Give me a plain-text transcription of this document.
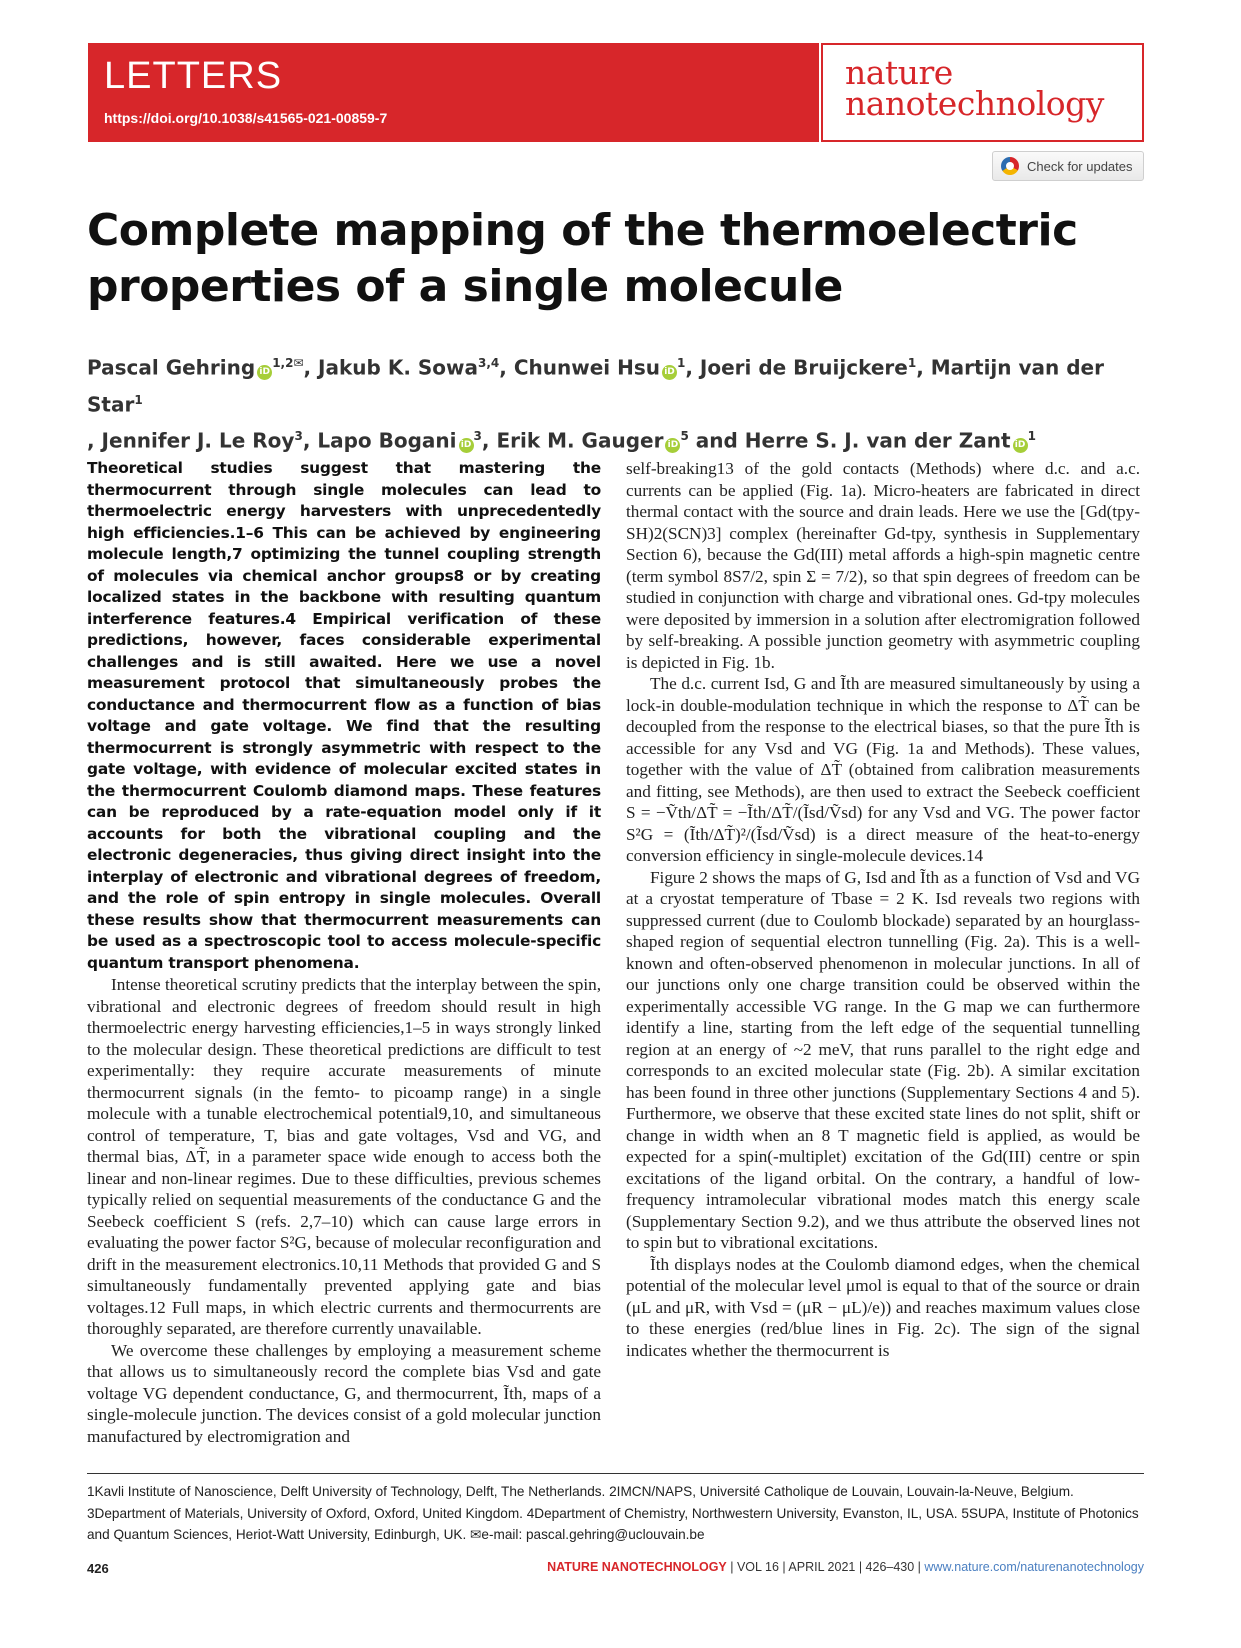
LETTERS
https://doi.org/10.1038/s41565-021-00859-7
nature
nanotechnology
Check for updates
Complete mapping of the thermoelectric properties of a single molecule
Pascal Gehring $iD^{1,2✉}$, Jakub K. Sowa$^{3,4}$, Chunwei Hsu $iD^1$, Joeri de Bruijckere$^1$, Martijn van der Star$^1$
, Jennifer J. Le Roy$^3$, Lapo Bogani $iD^3$, Erik M. Gauger $iD^5$ and Herre S. J. van der Zant $iD^1$

Theoretical studies suggest that mastering the thermocurrent through single molecules can lead to thermoelectric energy harvesters with unprecedentedly high efficiencies.1–6 This can be achieved by engineering molecule length,7 optimizing the tunnel coupling strength of molecules via chemical anchor groups8 or by creating localized states in the backbone with resulting quantum interference features.4 Empirical verification of these predictions, however, faces considerable experimental challenges and is still awaited. Here we use a novel measurement protocol that simultaneously probes the conductance and thermocurrent flow as a function of bias voltage and gate voltage. We find that the resulting thermocurrent is strongly asymmetric with respect to the gate voltage, with evidence of molecular excited states in the thermocurrent Coulomb diamond maps. These features can be reproduced by a rate-equation model only if it accounts for both the vibrational coupling and the electronic degeneracies, thus giving direct insight into the interplay of electronic and vibrational degrees of freedom, and the role of spin entropy in single molecules. Overall these results show that thermocurrent measurements can be used as a spectroscopic tool to access molecule-specific quantum transport phenomena.

Intense theoretical scrutiny predicts that the interplay between the spin, vibrational and electronic degrees of freedom should result in high thermoelectric energy harvesting efficiencies,1–5 in ways strongly linked to the molecular design. These theoretical predictions are difficult to test experimentally: they require accurate measurements of minute thermocurrent signals (in the femto- to picoamp range) in a single molecule with a tunable electrochemical potential9,10, and simultaneous control of temperature, T, bias and gate voltages, Vsd and VG, and thermal bias, ΔT̃, in a parameter space wide enough to access both the linear and non-linear regimes. Due to these difficulties, previous schemes typically relied on sequential measurements of the conductance G and the Seebeck coefficient S (refs. 2,7–10) which can cause large errors in evaluating the power factor S²G, because of molecular reconfiguration and drift in the measurement electronics.10,11 Methods that provided G and S simultaneously fundamentally prevented applying gate and bias voltages.12 Full maps, in which electric currents and thermocurrents are thoroughly separated, are therefore currently unavailable.

We overcome these challenges by employing a measurement scheme that allows us to simultaneously record the complete bias Vsd and gate voltage VG dependent conductance, G, and thermocurrent, Ĩth, maps of a single-molecule junction. The devices consist of a gold molecular junction manufactured by electromigration and

self-breaking13 of the gold contacts (Methods) where d.c. and a.c. currents can be applied (Fig. 1a). Micro-heaters are fabricated in direct thermal contact with the source and drain leads. Here we use the [Gd(tpy-SH)2(SCN)3] complex (hereinafter Gd-tpy, synthesis in Supplementary Section 6), because the Gd(III) metal affords a high-spin magnetic centre (term symbol 8S7/2, spin Σ = 7/2), so that spin degrees of freedom can be studied in conjunction with charge and vibrational ones. Gd-tpy molecules were deposited by immersion in a solution after electromigration followed by self-breaking. A possible junction geometry with asymmetric coupling is depicted in Fig. 1b.

The d.c. current Isd, G and Ĩth are measured simultaneously by using a lock-in double-modulation technique in which the response to ΔT̃ can be decoupled from the response to the electrical biases, so that the pure Ĩth is accessible for any Vsd and VG (Fig. 1a and Methods). These values, together with the value of ΔT̃ (obtained from calibration measurements and fitting, see Methods), are then used to extract the Seebeck coefficient S = −Ṽth/ΔT̃ = −Ĩth/ΔT̃/(Ĩsd/Ṽsd) for any Vsd and VG. The power factor S²G = (Ĩth/ΔT̃)²/(Ĩsd/Ṽsd) is a direct measure of the heat-to-energy conversion efficiency in single-molecule devices.14

Figure 2 shows the maps of G, Isd and Ĩth as a function of Vsd and VG at a cryostat temperature of Tbase = 2 K. Isd reveals two regions with suppressed current (due to Coulomb blockade) separated by an hourglass-shaped region of sequential electron tunnelling (Fig. 2a). This is a well-known and often-observed phenomenon in molecular junctions. In all of our junctions only one charge transition could be observed within the experimentally accessible VG range. In the G map we can furthermore identify a line, starting from the left edge of the sequential tunnelling region at an energy of ~2 meV, that runs parallel to the right edge and corresponds to an excited molecular state (Fig. 2b). A similar excitation has been found in three other junctions (Supplementary Sections 4 and 5). Furthermore, we observe that these excited state lines do not split, shift or change in width when an 8 T magnetic field is applied, as would be expected for a spin(-multiplet) excitation of the Gd(III) centre or spin excitations of the ligand orbital. On the contrary, a handful of low-frequency intramolecular vibrational modes match this energy scale (Supplementary Section 9.2), and we thus attribute the observed lines not to spin but to vibrational excitations.

Ĩth displays nodes at the Coulomb diamond edges, when the chemical potential of the molecular level μmol is equal to that of the source or drain (μL and μR, with Vsd = (μR − μL)/e)) and reaches maximum values close to these energies (red/blue lines in Fig. 2c). The sign of the signal indicates whether the thermocurrent is

1Kavli Institute of Nanoscience, Delft University of Technology, Delft, The Netherlands. 2IMCN/NAPS, Université Catholique de Louvain, Louvain-la-Neuve, Belgium. 3Department of Materials, University of Oxford, Oxford, United Kingdom. 4Department of Chemistry, Northwestern University, Evanston, IL, USA. 5SUPA, Institute of Photonics and Quantum Sciences, Heriot-Watt University, Edinburgh, UK. ✉e-mail: pascal.gehring@uclouvain.be
426	NATURE NANOTECHNOLOGY | VOL 16 | APRIL 2021 | 426–430 | www.nature.com/naturenanotechnology
